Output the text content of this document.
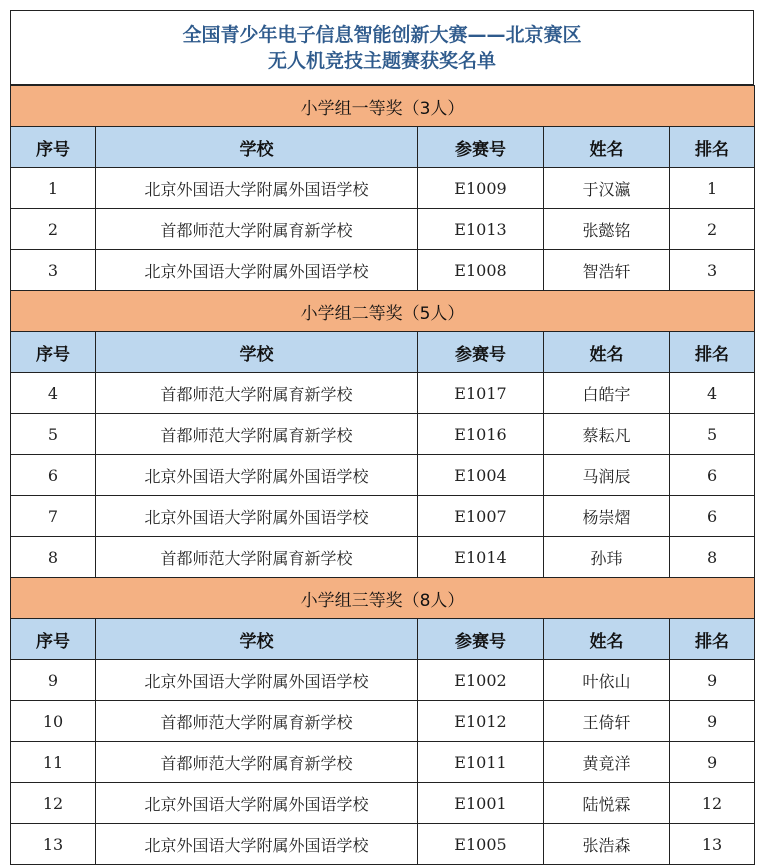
全国青少年电子信息智能创新大赛——北京赛区
无人机竞技主题赛获奖名单
小学组一等奖（3人）				
序号	学校	参赛号	姓名	排名
1	北京外国语大学附属外国语学校	E1009	于汉瀛	1
2	首都师范大学附属育新学校	E1013	张懿铭	2
3	北京外国语大学附属外国语学校	E1008	智浩轩	3
小学组二等奖（5人）				
序号	学校	参赛号	姓名	排名
4	首都师范大学附属育新学校	E1017	白皓宇	4
5	首都师范大学附属育新学校	E1016	蔡耘凡	5
6	北京外国语大学附属外国语学校	E1004	马润辰	6
7	北京外国语大学附属外国语学校	E1007	杨崇熠	6
8	首都师范大学附属育新学校	E1014	孙玮	8
小学组三等奖（8人）				
序号	学校	参赛号	姓名	排名
9	北京外国语大学附属外国语学校	E1002	叶依山	9
10	首都师范大学附属育新学校	E1012	王倚轩	9
11	首都师范大学附属育新学校	E1011	黄竟洋	9
12	北京外国语大学附属外国语学校	E1001	陆悦霖	12
13	北京外国语大学附属外国语学校	E1005	张浩森	13
